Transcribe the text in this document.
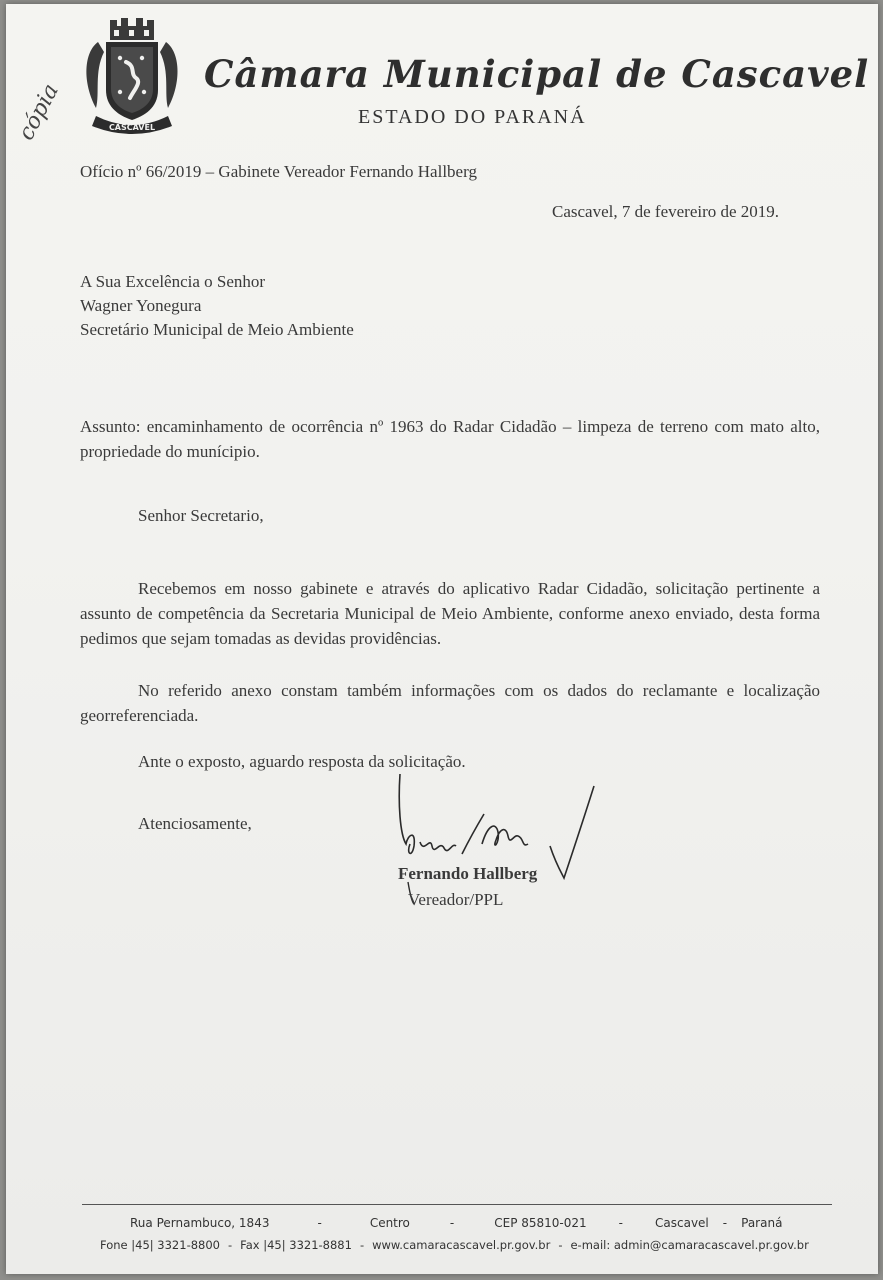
CASCAVEL
cópia
Câmara Municipal de Cascavel
ESTADO DO PARANÁ
Ofício nº 66/2019 – Gabinete Vereador Fernando Hallberg
Cascavel, 7 de fevereiro de 2019.
A Sua Excelência o Senhor
Wagner Yonegura
Secretário Municipal de Meio Ambiente
Assunto: encaminhamento de ocorrência nº 1963 do Radar Cidadão – limpeza de terreno com mato alto, propriedade do munícipio.
Senhor Secretario,
Recebemos em nosso gabinete e através do aplicativo Radar Cidadão, solicitação pertinente a assunto de competência da Secretaria Municipal de Meio Ambiente, conforme anexo enviado, desta forma pedimos que sejam tomadas as devidas providências.
No referido anexo constam também informações com os dados do reclamante e localização georreferenciada.
Ante o exposto, aguardo resposta da solicitação.
Atenciosamente,
Fernando Hallberg
Vereador/PPL
Rua Pernambuco, 1843	-	Centro	-	CEP 85810-021	-	Cascavel - Paraná
Fone |45| 3321-8800 - Fax |45| 3321-8881 - www.camaracascavel.pr.gov.br - e-mail: admin@camaracascavel.pr.gov.br
